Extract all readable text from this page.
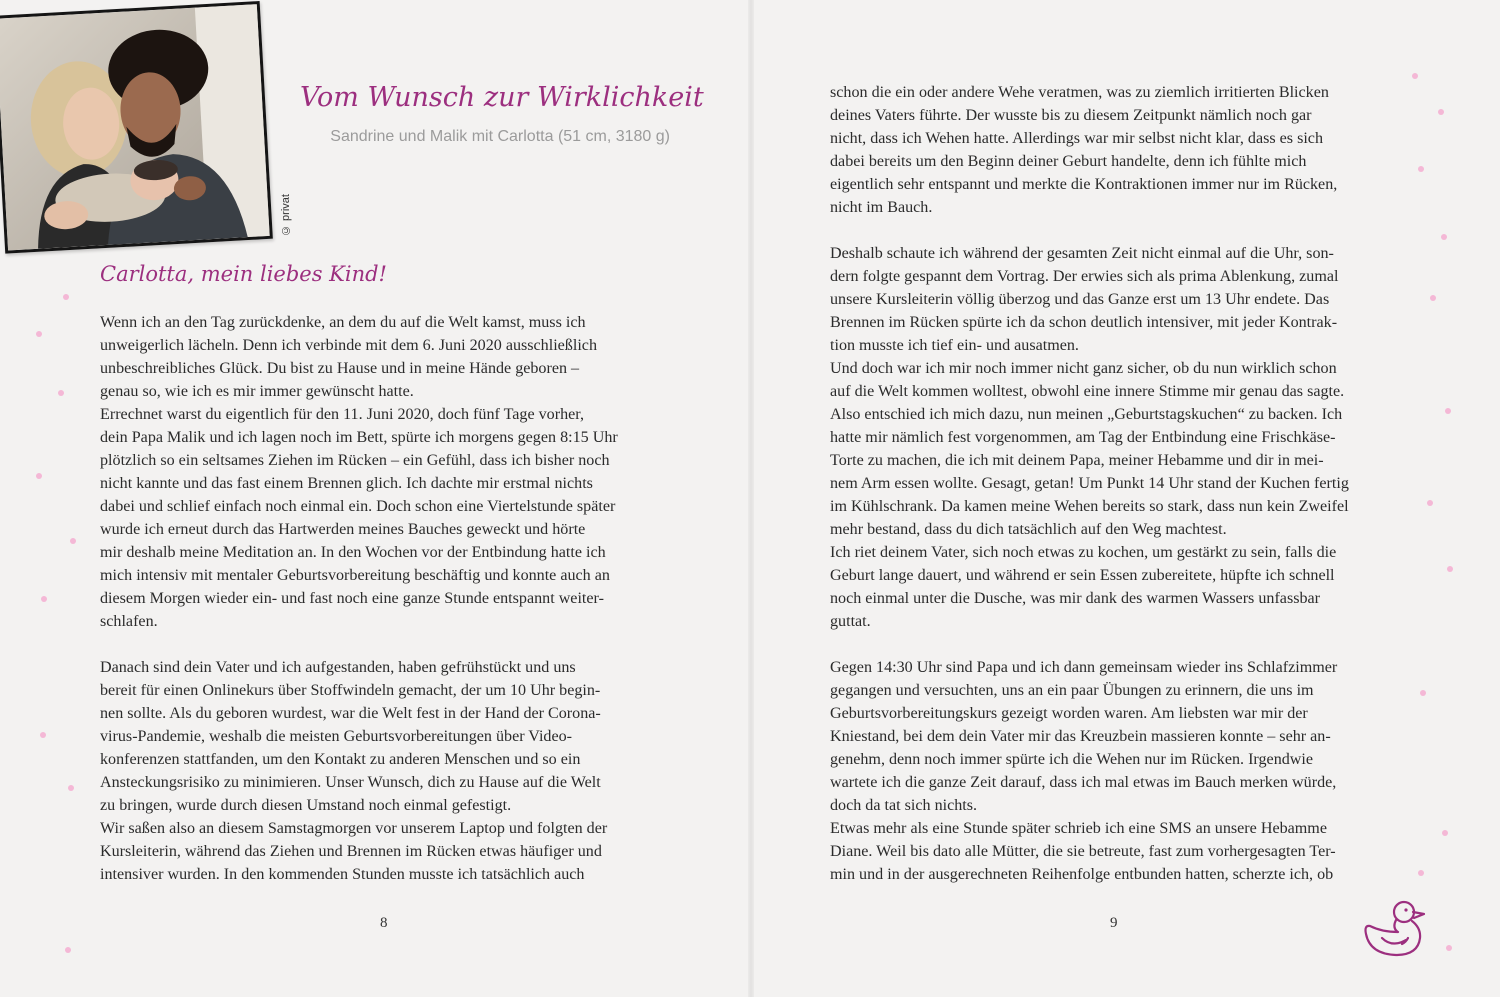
© privat
Vom Wunsch zur Wirklichkeit
Sandrine und Malik mit Carlotta (51 cm, 3180 g)
Carlotta, mein liebes Kind!
Wenn ich an den Tag zurückdenke, an dem du auf die Welt kamst, muss ich
unweigerlich lächeln. Denn ich verbinde mit dem 6. Juni 2020 ausschließlich
unbeschreibliches Glück. Du bist zu Hause und in meine Hände geboren –
genau so, wie ich es mir immer gewünscht hatte.
Errechnet warst du eigentlich für den 11. Juni 2020, doch fünf Tage vorher,
dein Papa Malik und ich lagen noch im Bett, spürte ich morgens gegen 8:15 Uhr
plötzlich so ein seltsames Ziehen im Rücken – ein Gefühl, dass ich bisher noch
nicht kannte und das fast einem Brennen glich. Ich dachte mir erstmal nichts
dabei und schlief einfach noch einmal ein. Doch schon eine Viertelstunde später
wurde ich erneut durch das Hartwerden meines Bauches geweckt und hörte
mir deshalb meine Meditation an. In den Wochen vor der Entbindung hatte ich
mich intensiv mit mentaler Geburtsvorbereitung beschäftig und konnte auch an
diesem Morgen wieder ein- und fast noch eine ganze Stunde entspannt weiter-
schlafen.
Danach sind dein Vater und ich aufgestanden, haben gefrühstückt und uns
bereit für einen Onlinekurs über Stoffwindeln gemacht, der um 10 Uhr begin-
nen sollte. Als du geboren wurdest, war die Welt fest in der Hand der Corona-
virus-Pandemie, weshalb die meisten Geburtsvorbereitungen über Video-
konferenzen stattfanden, um den Kontakt zu anderen Menschen und so ein
Ansteckungsrisiko zu minimieren. Unser Wunsch, dich zu Hause auf die Welt
zu bringen, wurde durch diesen Umstand noch einmal gefestigt.
Wir saßen also an diesem Samstagmorgen vor unserem Laptop und folgten der
Kursleiterin, während das Ziehen und Brennen im Rücken etwas häufiger und
intensiver wurden. In den kommenden Stunden musste ich tatsächlich auch
8
schon die ein oder andere Wehe veratmen, was zu ziemlich irritierten Blicken
deines Vaters führte. Der wusste bis zu diesem Zeitpunkt nämlich noch gar
nicht, dass ich Wehen hatte. Allerdings war mir selbst nicht klar, dass es sich
dabei bereits um den Beginn deiner Geburt handelte, denn ich fühlte mich
eigentlich sehr entspannt und merkte die Kontraktionen immer nur im Rücken,
nicht im Bauch.
Deshalb schaute ich während der gesamten Zeit nicht einmal auf die Uhr, son-
dern folgte gespannt dem Vortrag. Der erwies sich als prima Ablenkung, zumal
unsere Kursleiterin völlig überzog und das Ganze erst um 13 Uhr endete. Das
Brennen im Rücken spürte ich da schon deutlich intensiver, mit jeder Kontrak-
tion musste ich tief ein- und ausatmen.
Und doch war ich mir noch immer nicht ganz sicher, ob du nun wirklich schon
auf die Welt kommen wolltest, obwohl eine innere Stimme mir genau das sagte.
Also entschied ich mich dazu, nun meinen „Geburtstagskuchen“ zu backen. Ich
hatte mir nämlich fest vorgenommen, am Tag der Entbindung eine Frischkäse-
Torte zu machen, die ich mit deinem Papa, meiner Hebamme und dir in mei-
nem Arm essen wollte. Gesagt, getan! Um Punkt 14 Uhr stand der Kuchen fertig
im Kühlschrank. Da kamen meine Wehen bereits so stark, dass nun kein Zweifel
mehr bestand, dass du dich tatsächlich auf den Weg machtest.
Ich riet deinem Vater, sich noch etwas zu kochen, um gestärkt zu sein, falls die
Geburt lange dauert, und während er sein Essen zubereitete, hüpfte ich schnell
noch einmal unter die Dusche, was mir dank des warmen Wassers unfassbar
guttat.
Gegen 14:30 Uhr sind Papa und ich dann gemeinsam wieder ins Schlafzimmer
gegangen und versuchten, uns an ein paar Übungen zu erinnern, die uns im
Geburtsvorbereitungskurs gezeigt worden waren. Am liebsten war mir der
Kniestand, bei dem dein Vater mir das Kreuzbein massieren konnte – sehr an-
genehm, denn noch immer spürte ich die Wehen nur im Rücken. Irgendwie
wartete ich die ganze Zeit darauf, dass ich mal etwas im Bauch merken würde,
doch da tat sich nichts.
Etwas mehr als eine Stunde später schrieb ich eine SMS an unsere Hebamme
Diane. Weil bis dato alle Mütter, die sie betreute, fast zum vorhergesagten Ter-
min und in der ausgerechneten Reihenfolge entbunden hatten, scherzte ich, ob
9
